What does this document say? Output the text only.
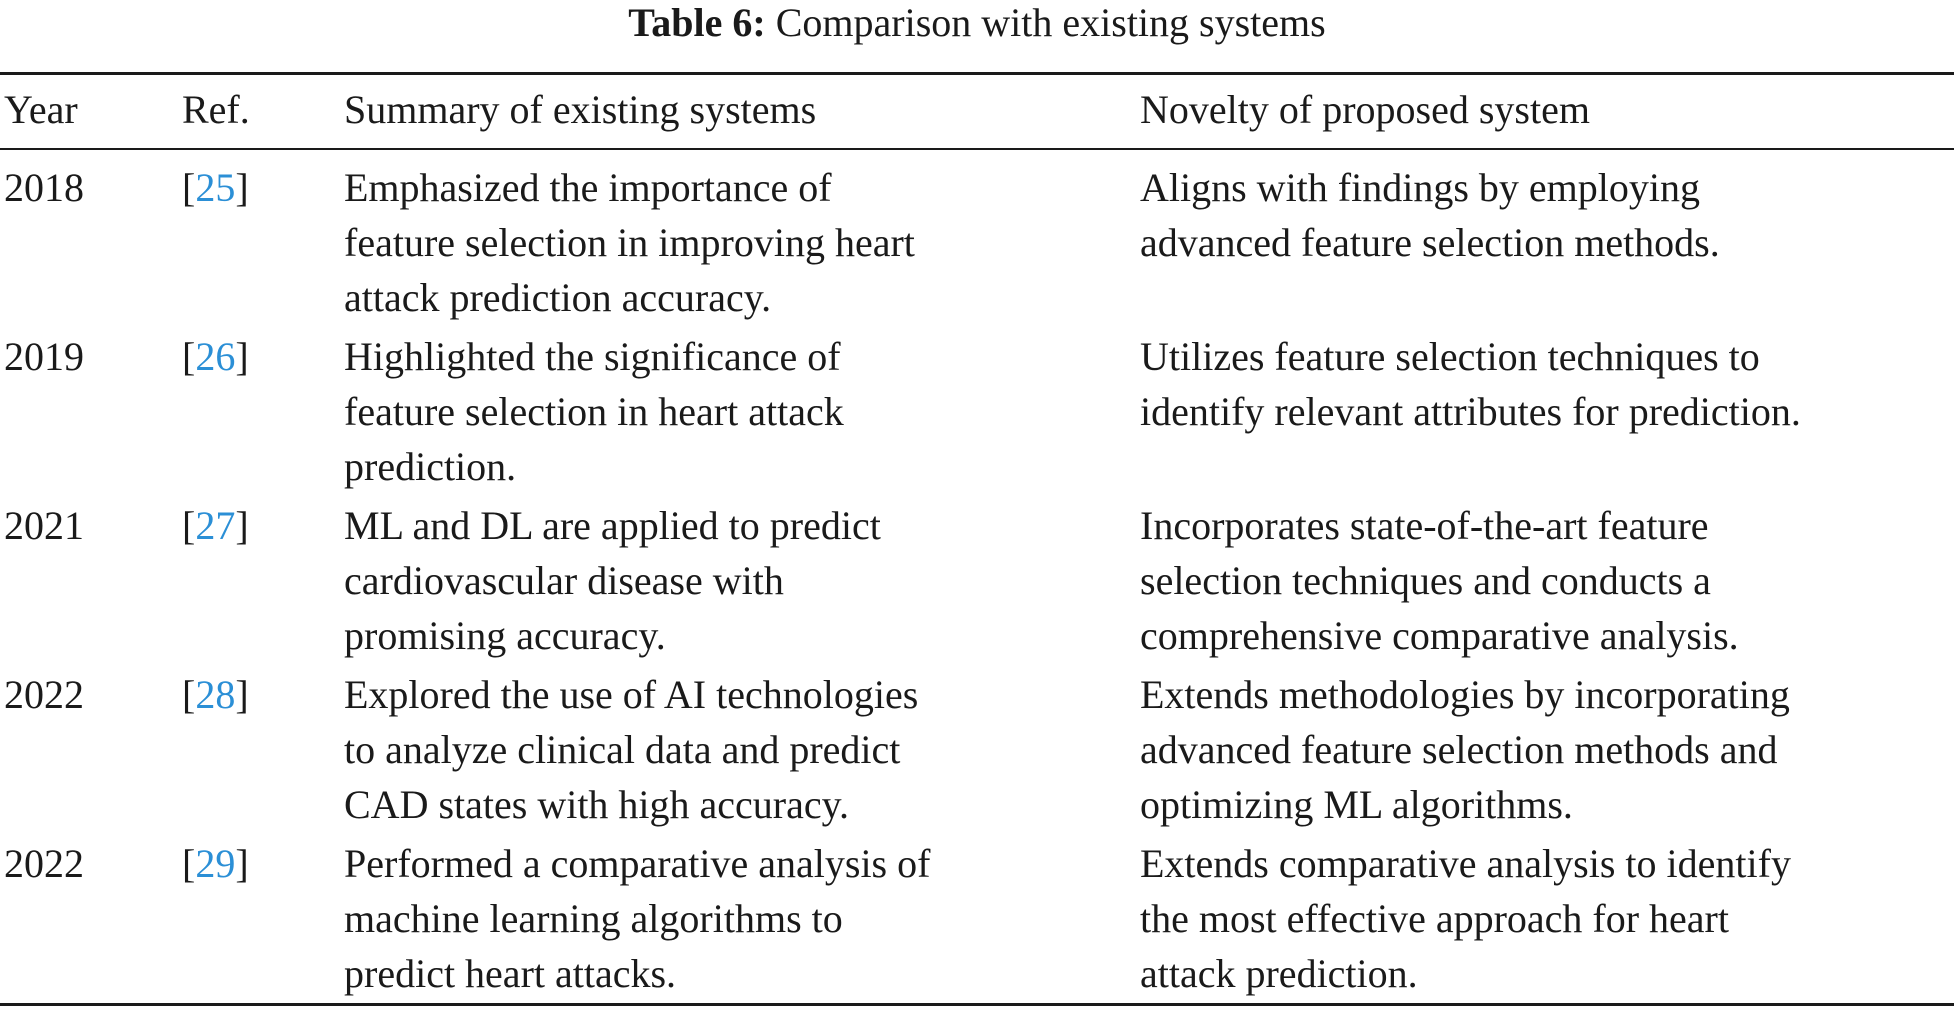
Table 6: Comparison with existing systems
Year	Ref. Summary of existing systems	Novelty of proposed system
2018 [25] Emphasized the importance of
feature selection in improving heart
attack prediction accuracy.
Aligns with findings by employing
advanced feature selection methods.
2019 [26] Highlighted the significance of
feature selection in heart attack
prediction.
Utilizes feature selection techniques to
identify relevant attributes for prediction.
2021 [27] ML and DL are applied to predict
cardiovascular disease with
promising accuracy.
Incorporates state-of-the-art feature
selection techniques and conducts a
comprehensive comparative analysis.
2022 [28] Explored the use of AI technologies
to analyze clinical data and predict
CAD states with high accuracy.
Extends methodologies by incorporating
advanced feature selection methods and
optimizing ML algorithms.
2022 [29] Performed a comparative analysis of
machine learning algorithms to
predict heart attacks.
Extends comparative analysis to identify
the most effective approach for heart
attack prediction.
